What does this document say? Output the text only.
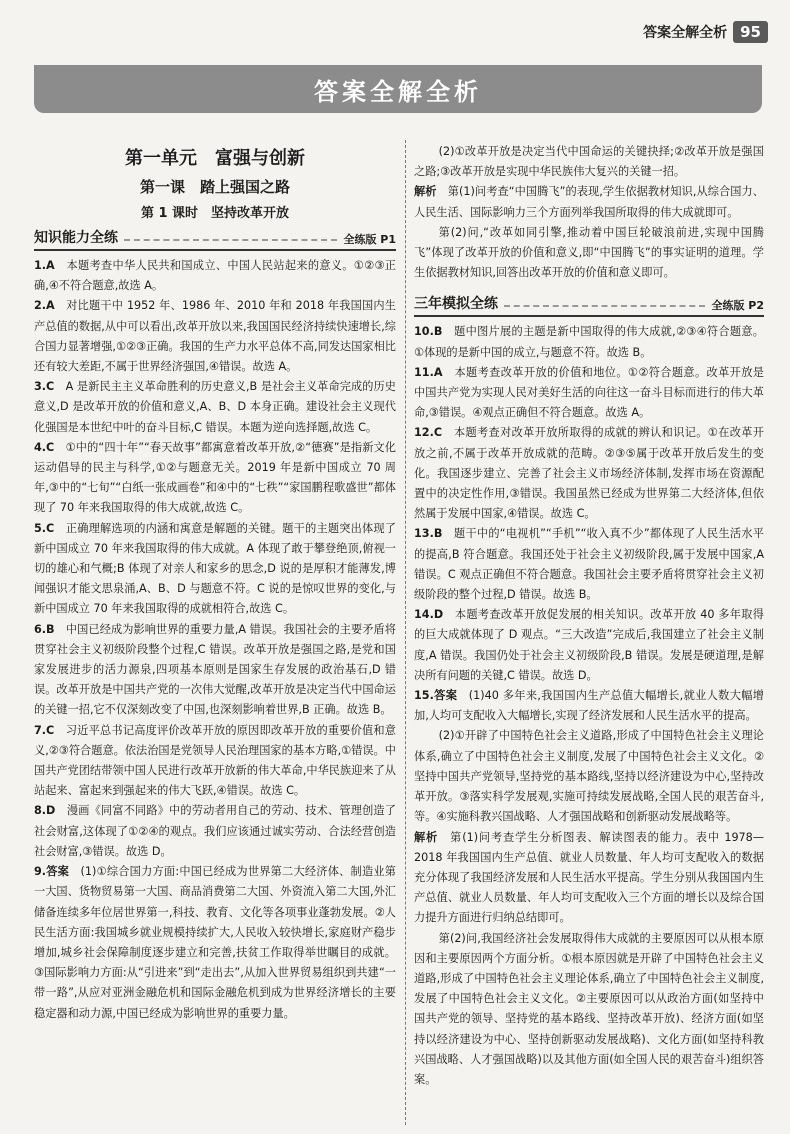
答案全解全析 95
答案全解全析
第一单元　富强与创新
第一课　踏上强国之路
第 1 课时　坚持改革开放
知识能力全练	全练版 P1

1.A　 本题考查中华人民共和国成立、中国人民站起来的意义。①②③正确,④不符合题意,故选 A。

2.A　 对比题干中 1952 年、1986 年、2010 年和 2018 年我国国内生产总值的数据,从中可以看出,改革开放以来,我国国民经济持续快速增长,综合国力显著增强,①②③正确。我国的生产力水平总体不高,同发达国家相比还有较大差距,不属于世界经济强国,④错误。故选 A。

3.C　 A 是新民主主义革命胜利的历史意义,B 是社会主义革命完成的历史意义,D 是改革开放的价值和意义,A、B、D 本身正确。建设社会主义现代化强国是本世纪中叶的奋斗目标,C 错误。本题为逆向选择题,故选 C。

4.C　 ①中的“四十年”“春天故事”都寓意着改革开放,②“德赛”是指新文化运动倡导的民主与科学,①②与题意无关。2019 年是新中国成立 70 周年,③中的“七旬”“白纸一张成画卷”和④中的“七秩”“家国鹏程歌盛世”都体现了 70 年来我国取得的伟大成就,故选 C。

5.C　 正确理解选项的内涵和寓意是解题的关键。题干的主题突出体现了新中国成立 70 年来我国取得的伟大成就。A 体现了敢于攀登绝顶,俯视一切的雄心和气概;B 体现了对亲人和家乡的思念,D 说的是厚积才能薄发,博闻强识才能文思泉涌,A、B、D 与题意不符。C 说的是惊叹世界的变化,与新中国成立 70 年来我国取得的成就相符合,故选 C。

6.B　 中国已经成为影响世界的重要力量,A 错误。我国社会的主要矛盾将贯穿社会主义初级阶段整个过程,C 错误。改革开放是强国之路,是党和国家发展进步的活力源泉,四项基本原则是国家生存发展的政治基石,D 错误。改革开放是中国共产党的一次伟大觉醒,改革开放是决定当代中国命运的关键一招,它不仅深刻改变了中国,也深刻影响着世界,B 正确。故选 B。

7.C　 习近平总书记高度评价改革开放的原因即改革开放的重要价值和意义,②③符合题意。依法治国是党领导人民治理国家的基本方略,①错误。中国共产党团结带领中国人民进行改革开放新的伟大革命,中华民族迎来了从站起来、富起来到强起来的伟大飞跃,④错误。故选 C。

8.D　 漫画《同富不同路》中的劳动者用自己的劳动、技术、管理创造了社会财富,这体现了①②④的观点。我们应该通过诚实劳动、合法经营创造社会财富,③错误。故选 D。

9.答案　 (1)①综合国力方面:中国已经成为世界第二大经济体、制造业第一大国、货物贸易第一大国、商品消费第二大国、外资流入第二大国,外汇储备连续多年位居世界第一,科技、教育、文化等各项事业蓬勃发展。②人民生活方面:我国城乡就业规模持续扩大,人民收入较快增长,家庭财产稳步增加,城乡社会保障制度逐步建立和完善,扶贫工作取得举世瞩目的成就。③国际影响力方面:从“引进来”到“走出去”,从加入世界贸易组织到共建“一带一路”,从应对亚洲金融危机和国际金融危机到成为世界经济增长的主要稳定器和动力源,中国已经成为影响世界的重要力量。

(2)①改革开放是决定当代中国命运的关键抉择;②改革开放是强国之路;③改革开放是实现中华民族伟大复兴的关键一招。

解析　 第(1)问考查“中国腾飞”的表现,学生依据教材知识,从综合国力、人民生活、国际影响力三个方面列举我国所取得的伟大成就即可。

第(2)问,“改革如同引擎,推动着中国巨轮破浪前进,实现中国腾飞”体现了改革开放的价值和意义,即“中国腾飞”的事实证明的道理。学生依据教材知识,回答出改革开放的价值和意义即可。

三年模拟全练	全练版 P2

10.B　 题中图片展的主题是新中国取得的伟大成就,②③④符合题意。①体现的是新中国的成立,与题意不符。故选 B。

11.A　 本题考查改革开放的价值和地位。①②符合题意。改革开放是中国共产党为实现人民对美好生活的向往这一奋斗目标而进行的伟大革命,③错误。④观点正确但不符合题意。故选 A。

12.C　 本题考查对改革开放所取得的成就的辨认和识记。①在改革开放之前,不属于改革开放成就的范畴。②③⑤属于改革开放后发生的变化。我国逐步建立、完善了社会主义市场经济体制,发挥市场在资源配置中的决定性作用,③错误。我国虽然已经成为世界第二大经济体,但依然属于发展中国家,④错误。故选 C。

13.B　 题干中的“电视机”“手机”“收入真不少”都体现了人民生活水平的提高,B 符合题意。我国还处于社会主义初级阶段,属于发展中国家,A 错误。C 观点正确但不符合题意。我国社会主要矛盾将贯穿社会主义初级阶段的整个过程,D 错误。故选 B。

14.D　 本题考查改革开放促发展的相关知识。改革开放 40 多年取得的巨大成就体现了 D 观点。“三大改造”完成后,我国建立了社会主义制度,A 错误。我国仍处于社会主义初级阶段,B 错误。发展是硬道理,是解决所有问题的关键,C 错误。故选 D。

15.答案　 (1)40 多年来,我国国内生产总值大幅增长,就业人数大幅增加,人均可支配收入大幅增长,实现了经济发展和人民生活水平的提高。

(2)①开辟了中国特色社会主义道路,形成了中国特色社会主义理论体系,确立了中国特色社会主义制度,发展了中国特色社会主义文化。②坚持中国共产党领导,坚持党的基本路线,坚持以经济建设为中心,坚持改革开放。③落实科学发展观,实施可持续发展战略,全国人民的艰苦奋斗,等。④实施科教兴国战略、人才强国战略和创新驱动发展战略等。

解析　 第(1)问考查学生分析图表、解读图表的能力。表中 1978—2018 年我国国内生产总值、就业人员数量、年人均可支配收入的数据充分体现了我国经济发展和人民生活水平提高。学生分别从我国国内生产总值、就业人员数量、年人均可支配收入三个方面的增长以及综合国力提升方面进行归纳总结即可。

第(2)问,我国经济社会发展取得伟大成就的主要原因可以从根本原因和主要原因两个方面分析。①根本原因就是开辟了中国特色社会主义道路,形成了中国特色社会主义理论体系,确立了中国特色社会主义制度,发展了中国特色社会主义文化。②主要原因可以从政治方面(如坚持中国共产党的领导、坚持党的基本路线、坚持改革开放)、经济方面(如坚持以经济建设为中心、坚持创新驱动发展战略)、文化方面(如坚持科教兴国战略、人才强国战略)以及其他方面(如全国人民的艰苦奋斗)组织答案。
